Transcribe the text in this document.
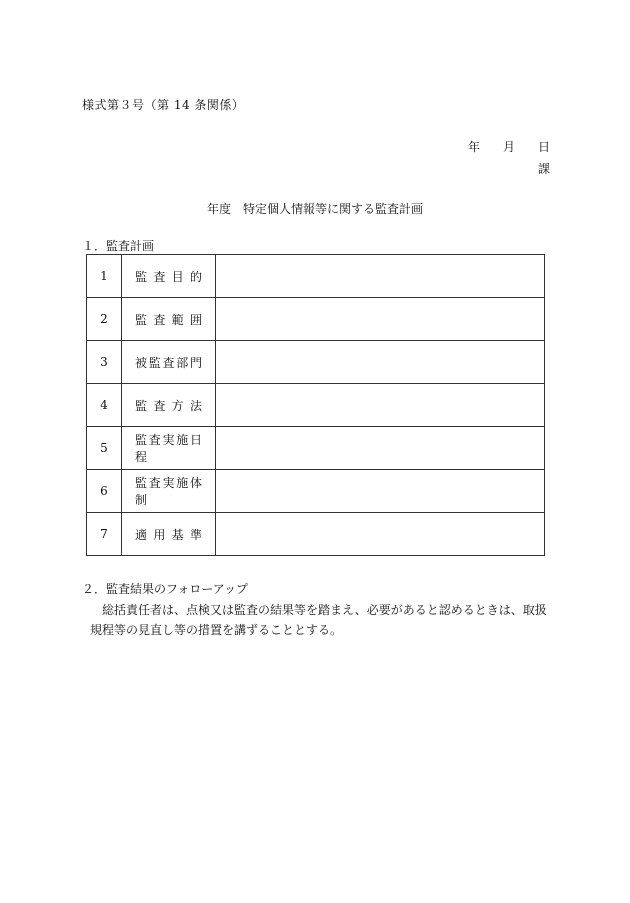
様式第３号（第 14 条関係）
年 月 日
課
年度 特定個人情報等に関する監査計画
１．監査計画
1	監査目的	
2	監査範囲	
3	被監査部門	
4	監査方法	
5	監査実施日程	
6	監査実施体制	
7	適用基準	
２．監査結果のフォローアップ
総括責任者は、点検又は監査の結果等を踏まえ、必要があると認めるときは、取扱規程等の見直し等の措置を講ずることとする。
